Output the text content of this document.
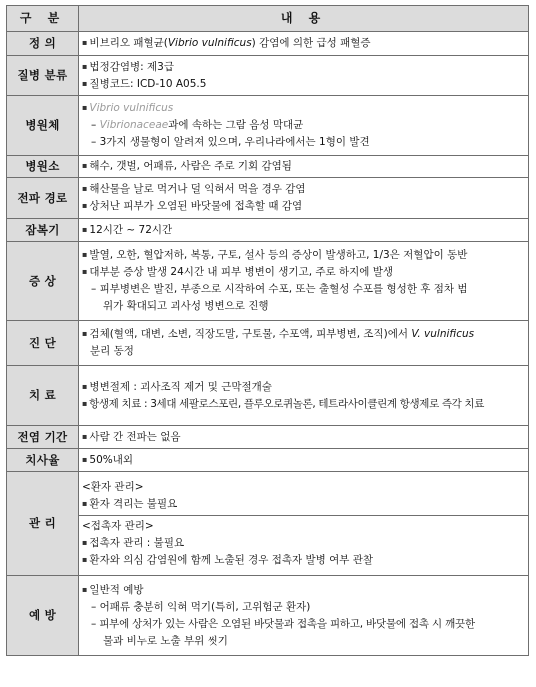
구 분	내 용
정 의	▪ 비브리오 패혈균(Vibrio vulnificus) 감염에 의한 급성 패혈증

질병 분류	▪ 법정감염병: 제3급
▪ 질병코드: ICD-10 A05.5

병원체	▪ Vibrio vulnificus
– Vibrionaceae과에 속하는 그람 음성 막대균
– 3가지 생물형이 알려져 있으며, 우리나라에서는 1형이 발견

병원소	▪ 해수, 갯벌, 어패류, 사람은 주로 기회 감염됨

전파 경로	▪ 해산물을 날로 먹거나 덜 익혀서 먹을 경우 감염
▪ 상처난 피부가 오염된 바닷물에 접촉할 때 감염

잠복기	▪ 12시간 ~ 72시간

증 상	▪ 발열, 오한, 혈압저하, 복통, 구토, 설사 등의 증상이 발생하고, 1/3은 저혈압이 동반
▪ 대부분 증상 발생 24시간 내 피부 병변이 생기고, 주로 하지에 발생
– 피부병변은 발진, 부종으로 시작하여 수포, 또는 출혈성 수포를 형성한 후 점차 범
위가 확대되고 괴사성 병변으로 진행

진 단	▪ 검체(혈액, 대변, 소변, 직장도말, 구토물, 수포액, 피부병변, 조직)에서 V. vulnificus
분리 동정

치 료	▪ 병변절제 : 괴사조직 제거 및 근막절개술
▪ 항생제 치료 : 3세대 세팔로스포린, 플루오로퀴놀론, 테트라사이클린계 항생제로 즉각 치료

전염 기간	▪ 사람 간 전파는 없음

치사율	▪ 50%내외

관 리	<환자 관리>
▪ 환자 격리는 불필요
<접촉자 관리>
▪ 접촉자 관리 : 불필요
▪ 환자와 의심 감염원에 함께 노출된 경우 접촉자 발병 여부 관찰

예 방	▪ 일반적 예방
– 어패류 충분히 익혀 먹기(특히, 고위험군 환자)
– 피부에 상처가 있는 사람은 오염된 바닷물과 접촉을 피하고, 바닷물에 접촉 시 깨끗한
물과 비누로 노출 부위 씻기
